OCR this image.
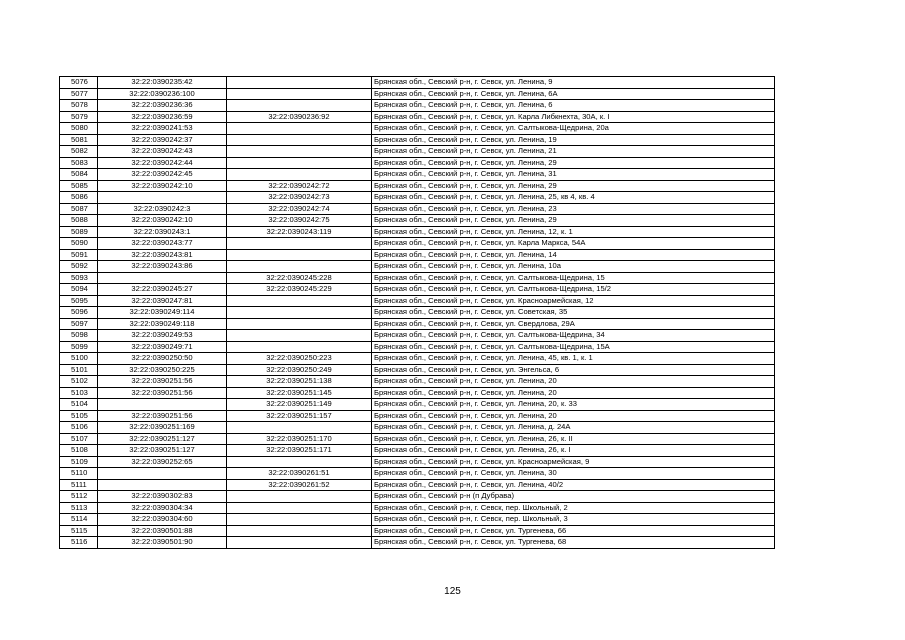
5076	32:22:0390235:42		Брянская обл., Севский р-н, г. Севск, ул. Ленина, 9
5077	32:22:0390236:100		Брянская обл., Севский р-н, г. Севск, ул. Ленина, 6А
5078	32:22:0390236:36		Брянская обл., Севский р-н, г. Севск, ул. Ленина, 6
5079	32:22:0390236:59	32:22:0390236:92	Брянская обл., Севский р-н, г. Севск, ул. Карла Либкнехта, 30А, к. I
5080	32:22:0390241:53		Брянская обл., Севский р-н, г. Севск, ул. Салтыкова-Щедрина, 20а
5081	32:22:0390242:37		Брянская обл., Севский р-н, г. Севск, ул. Ленина, 19
5082	32:22:0390242:43		Брянская обл., Севский р-н, г. Севск, ул. Ленина, 21
5083	32:22:0390242:44		Брянская обл., Севский р-н, г. Севск, ул. Ленина, 29
5084	32:22:0390242:45		Брянская обл., Севский р-н, г. Севск, ул. Ленина, 31
5085	32:22:0390242:10	32:22:0390242:72	Брянская обл., Севский р-н, г. Севск, ул. Ленина, 29
5086		32:22:0390242:73	Брянская обл., Севский р-н, г. Севск, ул. Ленина, 25, кв 4, кв. 4
5087	32:22:0390242:3	32:22:0390242:74	Брянская обл., Севский р-н, г. Севск, ул. Ленина, 23
5088	32:22:0390242:10	32:22:0390242:75	Брянская обл., Севский р-н, г. Севск, ул. Ленина, 29
5089	32:22:0390243:1	32:22:0390243:119	Брянская обл., Севский р-н, г. Севск, ул. Ленина, 12, к. 1
5090	32:22:0390243:77		Брянская обл., Севский р-н, г. Севск, ул. Карла Маркса, 54А
5091	32:22:0390243:81		Брянская обл., Севский р-н, г. Севск, ул. Ленина, 14
5092	32:22:0390243:86		Брянская обл., Севский р-н, г. Севск, ул. Ленина, 10а
5093		32:22:0390245:228	Брянская обл., Севский р-н, г. Севск, ул. Салтыкова-Щедрина, 15
5094	32:22:0390245:27	32:22:0390245:229	Брянская обл., Севский р-н, г. Севск, ул. Салтыкова-Щедрина, 15/2
5095	32:22:0390247:81		Брянская обл., Севский р-н, г. Севск, ул. Красноармейская, 12
5096	32:22:0390249:114		Брянская обл., Севский р-н, г. Севск, ул. Советская, 35
5097	32:22:0390249:118		Брянская обл., Севский р-н, г. Севск, ул. Свердлова, 29А
5098	32:22:0390249:53		Брянская обл., Севский р-н, г. Севск, ул. Салтыкова-Щедрина, 34
5099	32:22:0390249:71		Брянская обл., Севский р-н, г. Севск, ул. Салтыкова-Щедрина, 15А
5100	32:22:0390250:50	32:22:0390250:223	Брянская обл., Севский р-н, г. Севск, ул. Ленина, 45, кв. 1, к. 1
5101	32:22:0390250:225	32:22:0390250:249	Брянская обл., Севский р-н, г. Севск, ул. Энгельса, 6
5102	32:22:0390251:56	32:22:0390251:138	Брянская обл., Севский р-н, г. Севск, ул. Ленина, 20
5103	32:22:0390251:56	32:22:0390251:145	Брянская обл., Севский р-н, г. Севск, ул. Ленина, 20
5104		32:22:0390251:149	Брянская обл., Севский р-н, г. Севск, ул. Ленина, 20, к. 33
5105	32:22:0390251:56	32:22:0390251:157	Брянская обл., Севский р-н, г. Севск, ул. Ленина, 20
5106	32:22:0390251:169		Брянская обл., Севский р-н, г. Севск, ул. Ленина, д. 24А
5107	32:22:0390251:127	32:22:0390251:170	Брянская обл., Севский р-н, г. Севск, ул. Ленина, 26, к. II
5108	32:22:0390251:127	32:22:0390251:171	Брянская обл., Севский р-н, г. Севск, ул. Ленина, 26, к. I
5109	32:22:0390252:65		Брянская обл., Севский р-н, г. Севск, ул. Красноармейская, 9
5110		32:22:0390261:51	Брянская обл., Севский р-н, г. Севск, ул. Ленина, 30
5111		32:22:0390261:52	Брянская обл., Севский р-н, г. Севск, ул. Ленина, 40/2
5112	32:22:0390302:83		Брянская обл., Севский р-н (п Дубрава)
5113	32:22:0390304:34		Брянская обл., Севский р-н, г. Севск, пер. Школьный, 2
5114	32:22:0390304:60		Брянская обл., Севский р-н, г. Севск, пер. Школьный, 3
5115	32:22:0390501:88		Брянская обл., Севский р-н, г. Севск, ул. Тургенева, 66
5116	32:22:0390501:90		Брянская обл., Севский р-н, г. Севск, ул. Тургенева, 68
125
